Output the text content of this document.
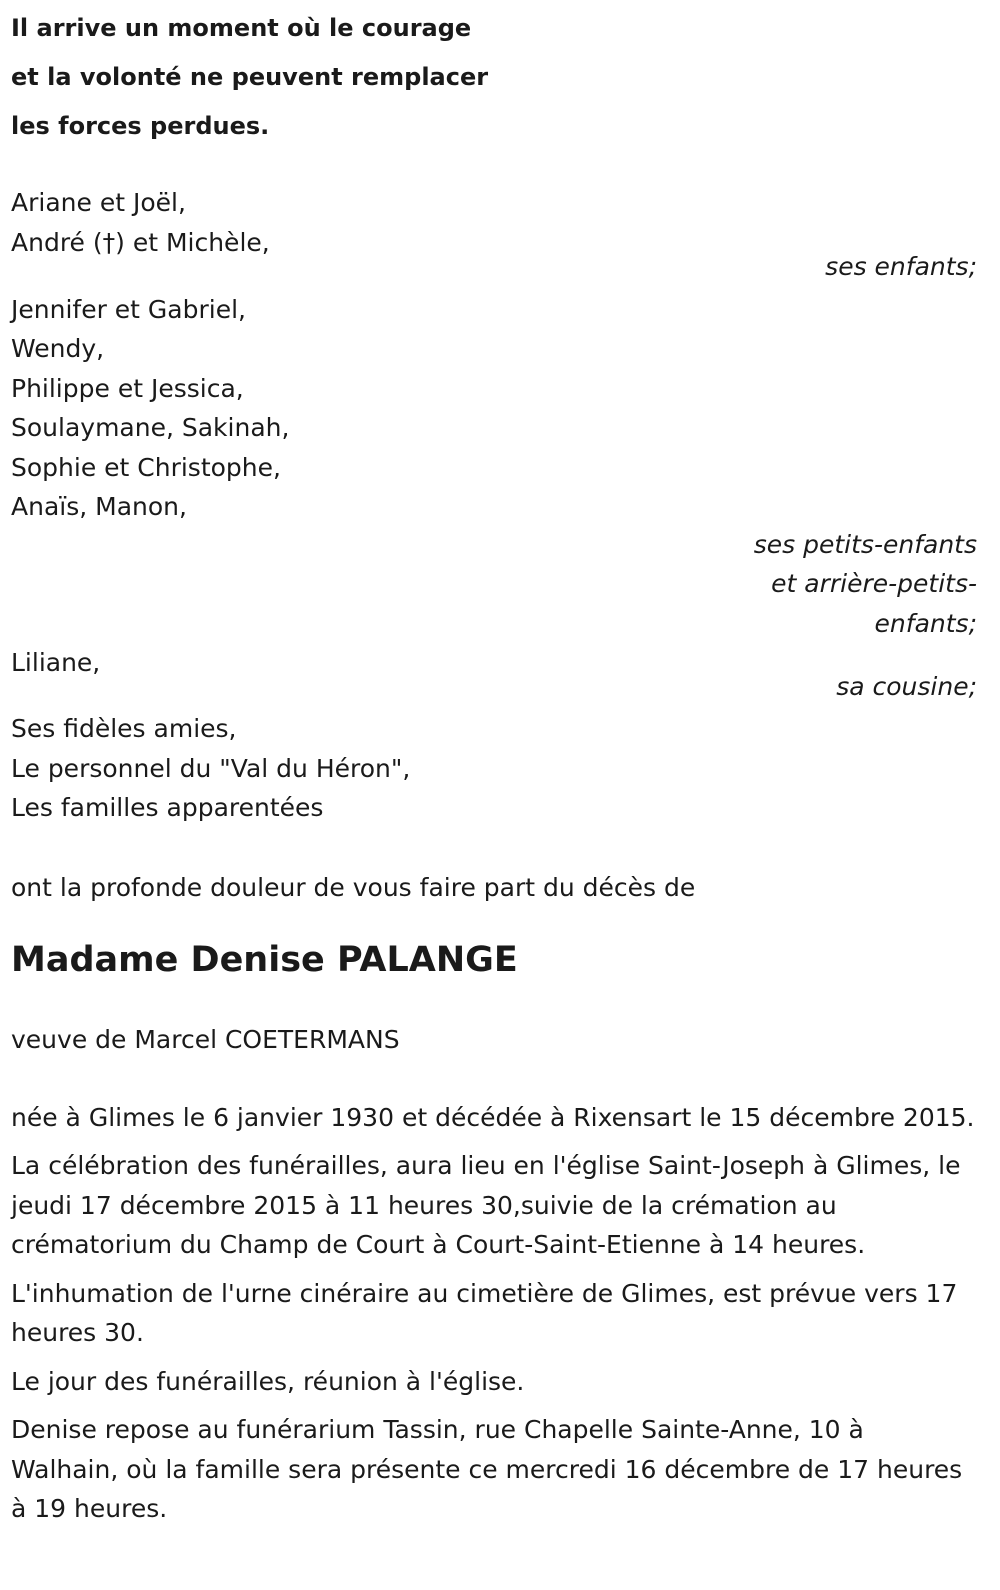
Il arrive un moment où le courage
et la volonté ne peuvent remplacer
les forces perdues.

Ariane et Joël,
André (†) et Michèle,
ses enfants;
Jennifer et Gabriel,
Wendy,
Philippe et Jessica,
Soulaymane, Sakinah,
Sophie et Christophe,
Anaïs, Manon,
ses petits-enfants
et arrière-petits-
enfants;
Liliane,
sa cousine;
Ses fidèles amies,
Le personnel du "Val du Héron",
Les familles apparentées
ont la profonde douleur de vous faire part du décès de
Madame Denise PALANGE
veuve de Marcel COETERMANS
née à Glimes le 6 janvier 1930 et décédée à Rixensart le 15 décembre 2015.
La célébration des funérailles, aura lieu en l'église Saint-Joseph à Glimes, le jeudi 17 décembre 2015 à 11 heures 30,suivie de la crémation au crématorium du Champ de Court à Court-Saint-Etienne à 14 heures.
L'inhumation de l'urne cinéraire au cimetière de Glimes, est prévue vers 17 heures 30.
Le jour des funérailles, réunion à l'église.
Denise repose au funérarium Tassin, rue Chapelle Sainte-Anne, 10 à Walhain, où la famille sera présente ce mercredi 16 décembre de 17 heures à 19 heures.
